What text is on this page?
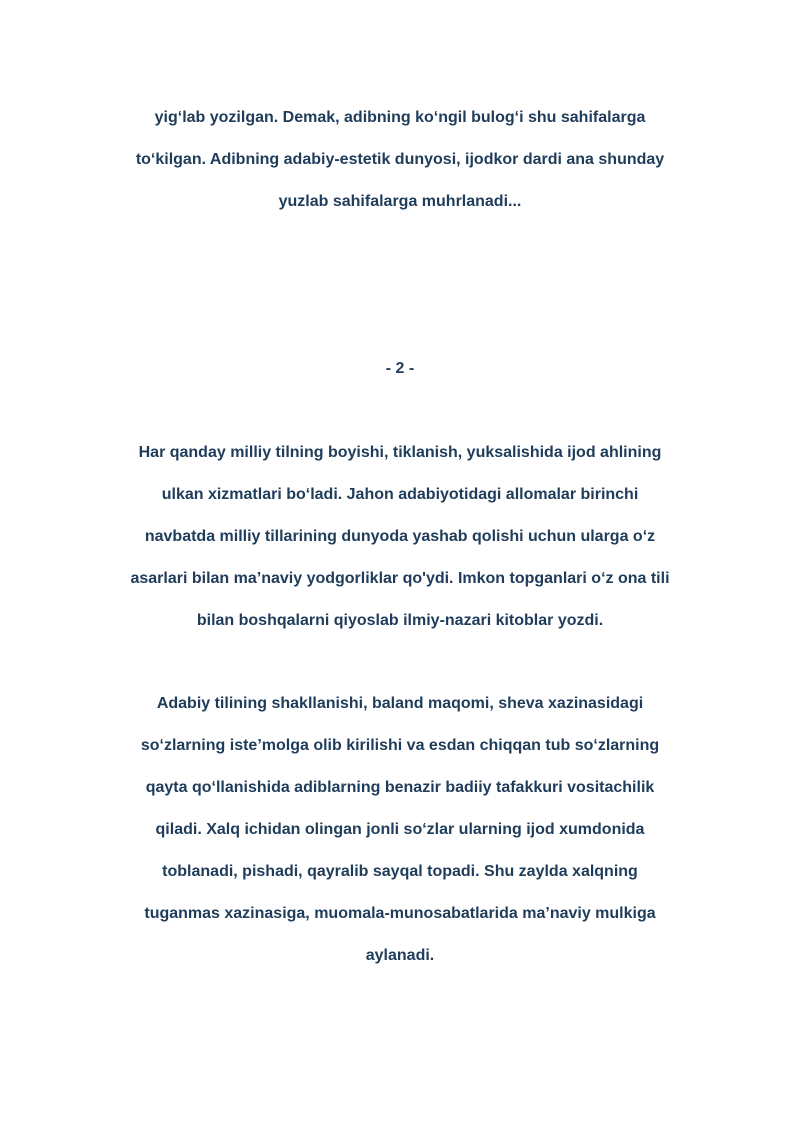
yig‘lab yozilgan. Demak, adibning ko‘ngil bulog‘i shu sahifalarga
to‘kilgan. Adibning adabiy-estetik dunyosi, ijodkor dardi ana shunday
yuzlab sahifalarga muhrlanadi...
- 2 -
Har qanday milliy tilning boyishi, tiklanish, yuksalishida ijod ahlining
ulkan xizmatlari bo‘ladi. Jahon adabiyotidagi allomalar birinchi
navbatda milliy tillarining dunyoda yashab qolishi uchun ularga o‘z
asarlari bilan ma’naviy yodgorliklar qo'ydi. Imkon topganlari o‘z ona tili
bilan boshqalarni qiyoslab ilmiy-nazari kitoblar yozdi.
Adabiy tilining shakllanishi, baland maqomi, sheva xazinasidagi
so‘zlarning iste’molga olib kirilishi va esdan chiqqan tub so‘zlarning
qayta qo‘llanishida adiblarning benazir badiiy tafakkuri vositachilik
qiladi. Xalq ichidan olingan jonli so‘zlar ularning ijod xumdonida
toblanadi, pishadi, qayralib sayqal topadi. Shu zaylda xalqning
tuganmas xazinasiga, muomala-munosabatlarida ma’naviy mulkiga
aylanadi.
